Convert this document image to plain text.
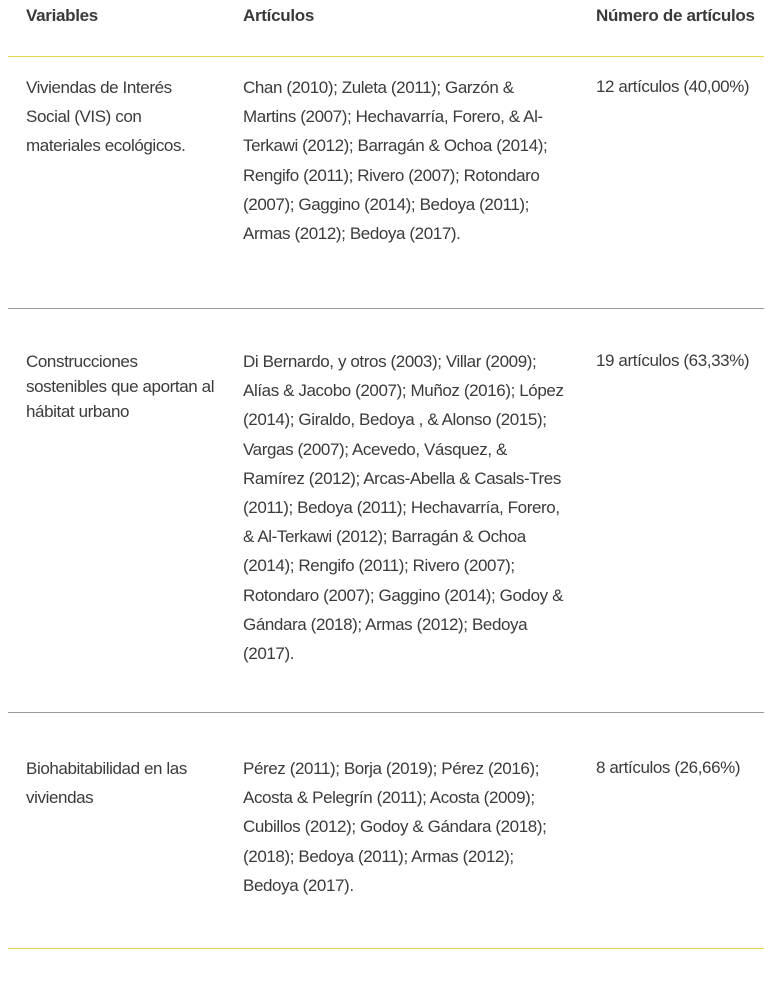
Variables	Artículos	Número de artículos
Viviendas de Interés Social (VIS) con materiales ecológicos.
Chan (2010); Zuleta (2011); Garzón & Martins (2007); Hechavarría, Forero, & Al-Terkawi (2012); Barragán & Ochoa (2014); Rengifo (2011); Rivero (2007); Rotondaro (2007); Gaggino (2014); Bedoya (2011); Armas (2012); Bedoya (2017).
12 artículos (40,00%)
Construcciones sostenibles que aportan al hábitat urbano
Di Bernardo, y otros (2003); Villar (2009); Alías & Jacobo (2007); Muñoz (2016); López (2014); Giraldo, Bedoya , & Alonso (2015); Vargas (2007); Acevedo, Vásquez, & Ramírez (2012); Arcas-Abella & Casals-Tres (2011); Bedoya (2011); Hechavarría, Forero, & Al-Terkawi (2012); Barragán & Ochoa (2014); Rengifo (2011); Rivero (2007); Rotondaro (2007); Gaggino (2014); Godoy & Gándara (2018); Armas (2012); Bedoya (2017).
19 artículos (63,33%)
Biohabitabilidad en las viviendas
Pérez (2011); Borja (2019); Pérez (2016); Acosta & Pelegrín (2011); Acosta (2009); Cubillos (2012); Godoy & Gándara (2018); (2018); Bedoya (2011); Armas (2012); Bedoya (2017).
8 artículos (26,66%)
